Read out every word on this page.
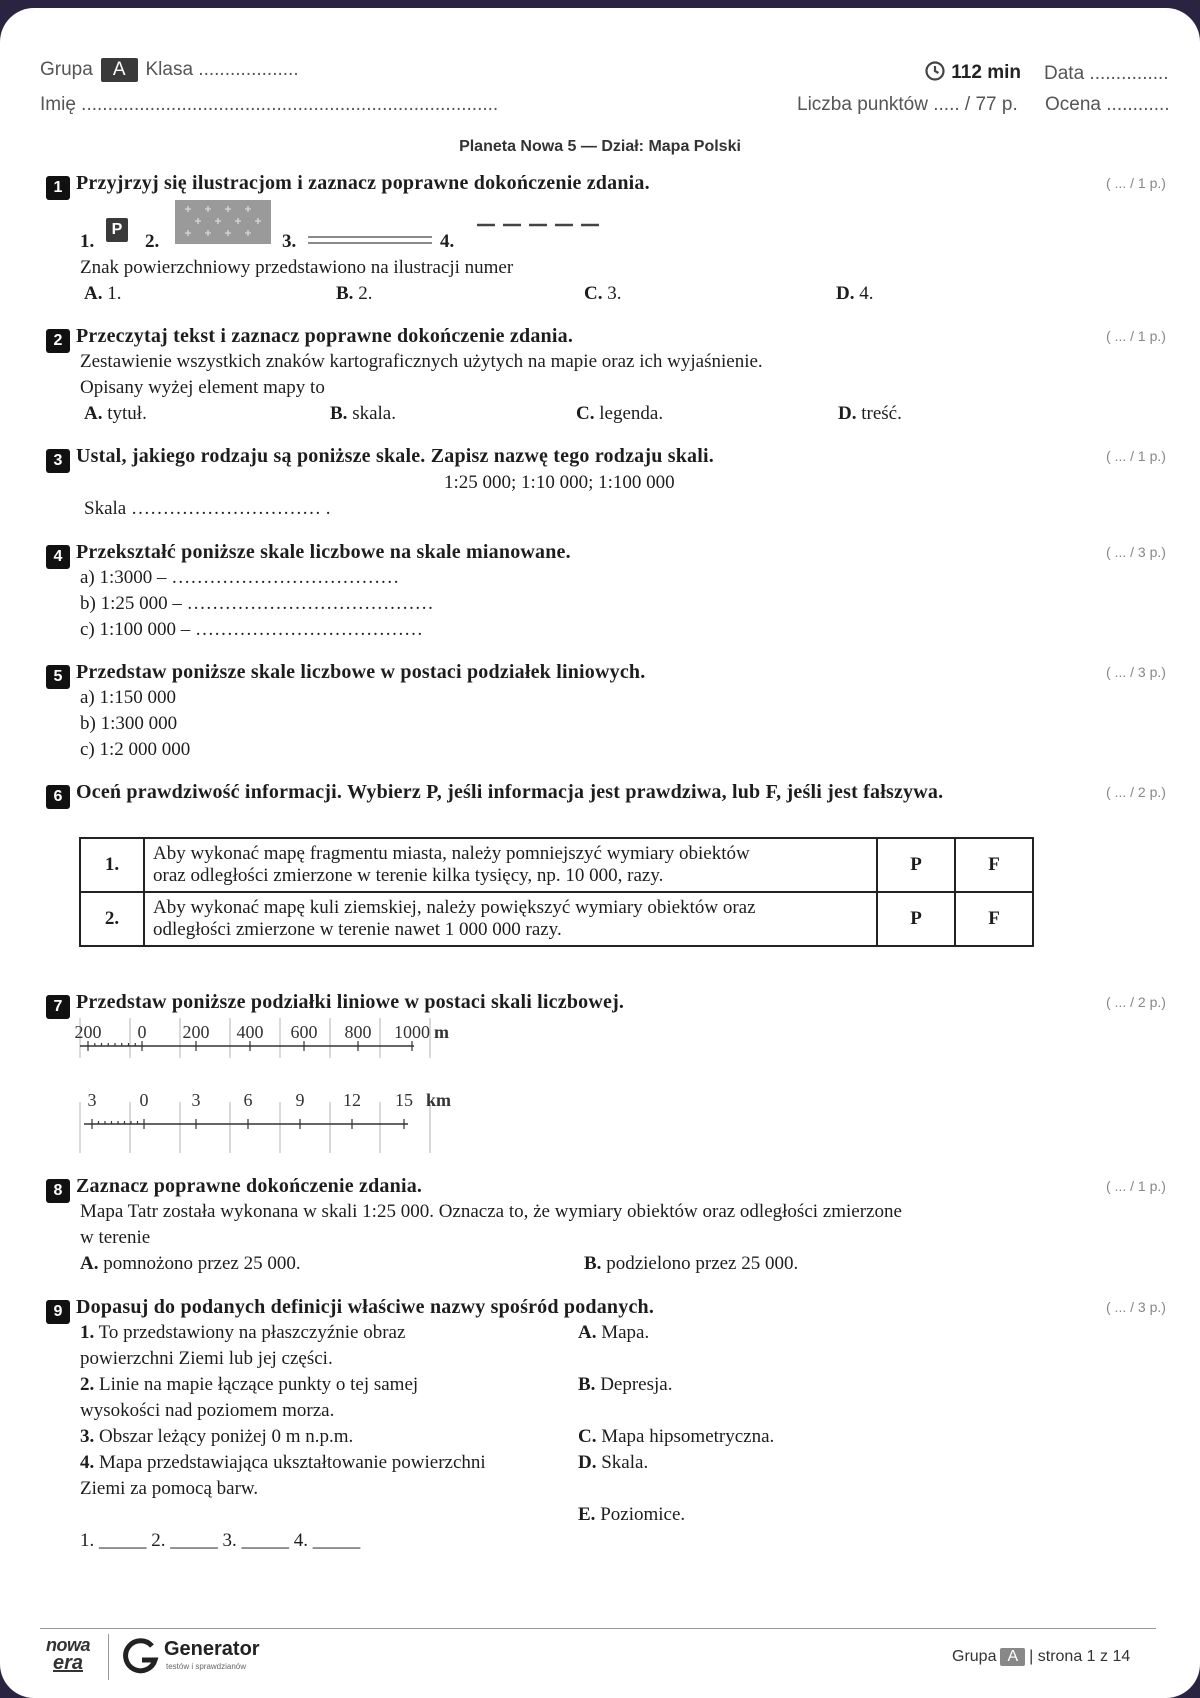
Grupa A Klasa ...................	112 min Data ...............
Imię ...............................................................................	Liczba punktów ..... / 77 p. Ocena ............
Planeta Nowa 5 — Dział: Mapa Polski
1 Przyjrzyj się ilustracjom i zaznacz poprawne dokończenie zdania.	( ... / 1 p.)
1.
P
2.	3.	4.
Znak powierzchniowy przedstawiono na ilustracji numer
A. 1.	B. 2.	C. 3.	D. 4.
2 Przeczytaj tekst i zaznacz poprawne dokończenie zdania.	( ... / 1 p.)
Zestawienie wszystkich znaków kartograficznych użytych na mapie oraz ich wyjaśnienie.
Opisany wyżej element mapy to
A. tytuł.	B. skala.	C. legenda.	D. treść.
3 Ustal, jakiego rodzaju są poniższe skale. Zapisz nazwę tego rodzaju skali.	( ... / 1 p.)
1:25 000; 1:10 000; 1:100 000
Skala ………………………… .
4 Przekształć poniższe skale liczbowe na skale mianowane.	( ... / 3 p.)
a) 1:3000 – ………………………………
b) 1:25 000 – …………………………………
c) 1:100 000 – ………………………………
5 Przedstaw poniższe skale liczbowe w postaci podziałek liniowych.	( ... / 3 p.)
a) 1:150 000
b) 1:300 000
c) 1:2 000 000
6 Oceń prawdziwość informacji. Wybierz P, jeśli informacja jest prawdziwa, lub F, jeśli jest fałszywa.	( ... / 2 p.)
1.	Aby wykonać mapę fragmentu miasta, należy pomniejszyć wymiary obiektów
oraz odległości zmierzone w terenie kilka tysięcy, np. 10 000, razy.	P	F
2.	Aby wykonać mapę kuli ziemskiej, należy powiększyć wymiary obiektów oraz
odległości zmierzone w terenie nawet 1 000 000 razy.	P	F
7 Przedstaw poniższe podziałki liniowe w postaci skali liczbowej.	( ... / 2 p.)
200 0 200 400 600 800 1000 m
3 0 3 6 9 12 15 km
8 Zaznacz poprawne dokończenie zdania.	( ... / 1 p.)
Mapa Tatr została wykonana w skali 1:25 000. Oznacza to, że wymiary obiektów oraz odległości zmierzone
w terenie
A. pomnożono przez 25 000.	B. podzielono przez 25 000.
9 Dopasuj do podanych definicji właściwe nazwy spośród podanych.	( ... / 3 p.)
1. To przedstawiony na płaszczyźnie obraz
powierzchni Ziemi lub jej części.
2. Linie na mapie łączące punkty o tej samej
wysokości nad poziomem morza.
3. Obszar leżący poniżej 0 m n.p.m.
4. Mapa przedstawiająca ukształtowanie powierzchni
Ziemi za pomocą barw.
A. Mapa.
B. Depresja.
C. Mapa hipsometryczna.
D. Skala.
E. Poziomice.
1. _____ 2. _____ 3. _____ 4. _____
nowa
era
Generator
testów i sprawdzianów
Grupa A | strona 1 z 14
